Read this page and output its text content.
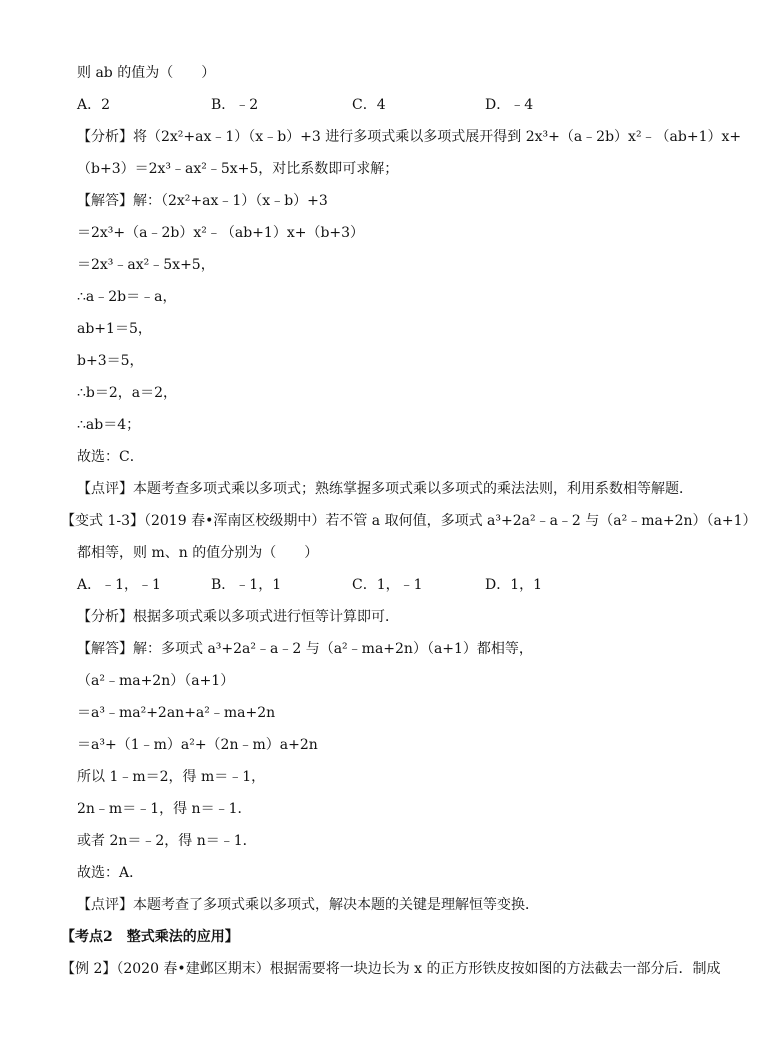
则 ab 的值为（　　）
A．2	B．﹣2	C．4	D．﹣4
【分析】将（2x²+ax﹣1）（x﹣b）+3 进行多项式乘以多项式展开得到 2x³+（a﹣2b）x²﹣（ab+1）x+
（b+3）＝2x³﹣ax²﹣5x+5，对比系数即可求解；
【解答】解：（2x²+ax﹣1）（x﹣b）+3
＝2x³+（a﹣2b）x²﹣（ab+1）x+（b+3）
＝2x³﹣ax²﹣5x+5，
∴a﹣2b＝﹣a，
ab+1＝5，
b+3＝5，
∴b＝2，a＝2，
∴ab＝4；
故选：C．
【点评】本题考查多项式乘以多项式；熟练掌握多项式乘以多项式的乘法法则，利用系数相等解题．
【变式 1-3】（2019 春•浑南区校级期中）若不管 a 取何值，多项式 a³+2a²﹣a﹣2 与（a²﹣ma+2n）（a+1）
都相等，则 m、n 的值分别为（　　）
A．﹣1，﹣1	B．﹣1，1	C．1，﹣1	D．1，1
【分析】根据多项式乘以多项式进行恒等计算即可．
【解答】解：多项式 a³+2a²﹣a﹣2 与（a²﹣ma+2n）（a+1）都相等，
（a²﹣ma+2n）（a+1）
＝a³﹣ma²+2an+a²﹣ma+2n
＝a³+（1﹣m）a²+（2n﹣m）a+2n
所以 1﹣m＝2，得 m＝﹣1，
2n﹣m＝﹣1，得 n＝﹣1．
或者 2n＝﹣2，得 n＝﹣1．
故选：A．
【点评】本题考查了多项式乘以多项式，解决本题的关键是理解恒等变换．
【考点2　整式乘法的应用】
【例 2】（2020 春•建邺区期末）根据需要将一块边长为 x 的正方形铁皮按如图的方法截去一部分后．制成
